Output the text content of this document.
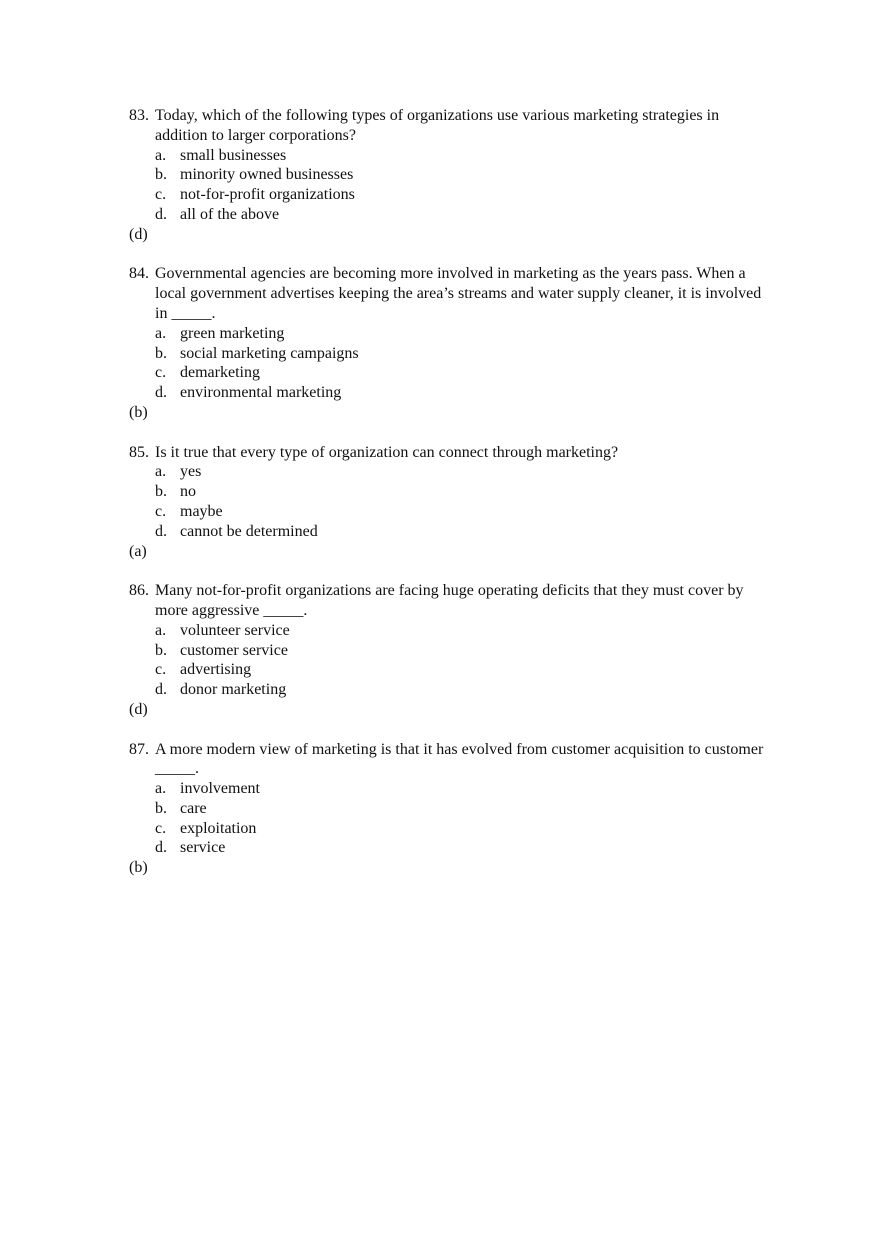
83. Today, which of the following types of organizations use various marketing strategies in addition to larger corporations?
a. small businesses
b. minority owned businesses
c. not-for-profit organizations
d. all of the above
(d)
84. Governmental agencies are becoming more involved in marketing as the years pass. When a local government advertises keeping the area’s streams and water supply cleaner, it is involved in _____.
a. green marketing
b. social marketing campaigns
c. demarketing
d. environmental marketing
(b)
85. Is it true that every type of organization can connect through marketing?
a. yes
b. no
c. maybe
d. cannot be determined
(a)
86. Many not-for-profit organizations are facing huge operating deficits that they must cover by more aggressive _____.
a. volunteer service
b. customer service
c. advertising
d. donor marketing
(d)
87. A more modern view of marketing is that it has evolved from customer acquisition to customer _____.
a. involvement
b. care
c. exploitation
d. service
(b)
